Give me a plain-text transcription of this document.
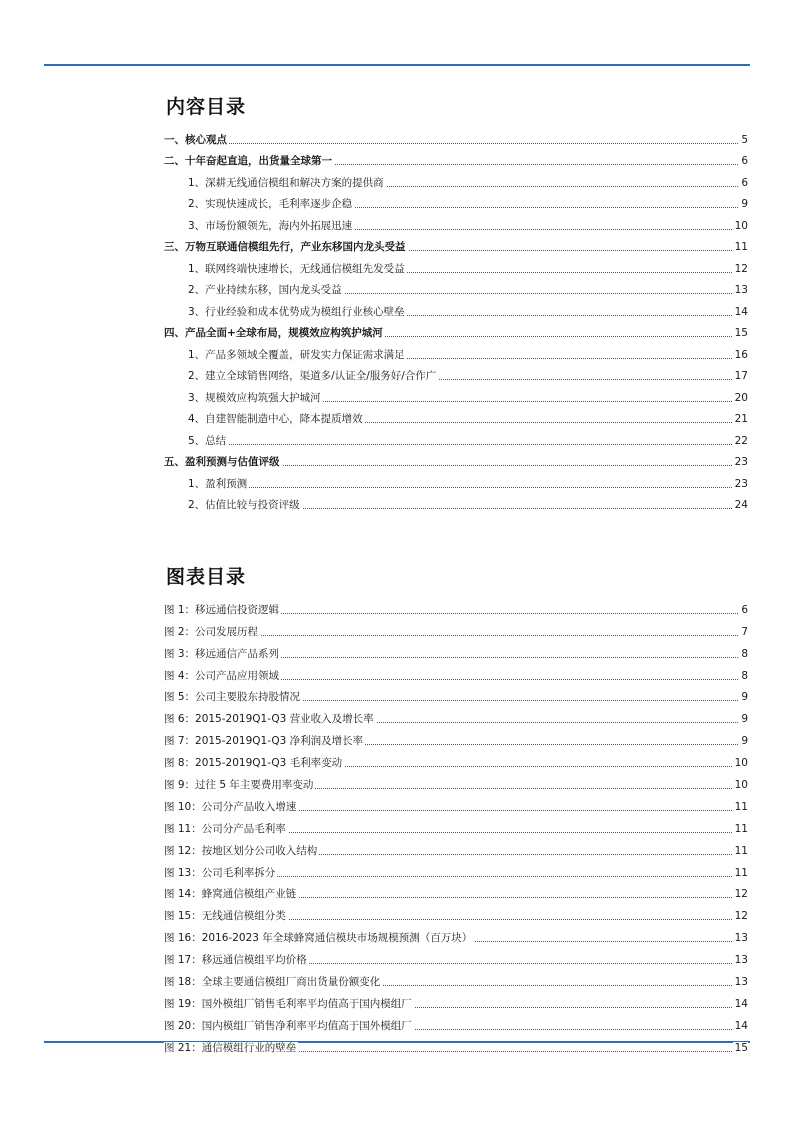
内容目录
一、核心观点	5
二、十年奋起直追，出货量全球第一	6
1、深耕无线通信模组和解决方案的提供商	6
2、实现快速成长，毛利率逐步企稳	9
3、市场份额领先，海内外拓展迅速	10
三、万物互联通信模组先行，产业东移国内龙头受益	11
1、联网终端快速增长，无线通信模组先发受益	12
2、产业持续东移，国内龙头受益	13
3、行业经验和成本优势成为模组行业核心壁垒	14
四、产品全面+全球布局，规模效应构筑护城河	15
1、产品多领域全覆盖，研发实力保证需求满足	16
2、建立全球销售网络，渠道多/认证全/服务好/合作广	17
3、规模效应构筑强大护城河	20
4、自建智能制造中心，降本提质增效	21
5、总结	22
五、盈利预测与估值评级	23
1、盈利预测	23
2、估值比较与投资评级	24
图表目录
图 1：移远通信投资逻辑	6
图 2：公司发展历程	7
图 3：移远通信产品系列	8
图 4：公司产品应用领域	8
图 5：公司主要股东持股情况	9
图 6：2015-2019Q1-Q3 营业收入及增长率	9
图 7：2015-2019Q1-Q3 净利润及增长率	9
图 8：2015-2019Q1-Q3 毛利率变动	10
图 9：过往 5 年主要费用率变动	10
图 10：公司分产品收入增速	11
图 11：公司分产品毛利率	11
图 12：按地区划分公司收入结构	11
图 13：公司毛利率拆分	11
图 14：蜂窝通信模组产业链	12
图 15：无线通信模组分类	12
图 16：2016-2023 年全球蜂窝通信模块市场规模预测（百万块）	13
图 17：移远通信模组平均价格	13
图 18：全球主要通信模组厂商出货量份额变化	13
图 19：国外模组厂销售毛利率平均值高于国内模组厂	14
图 20：国内模组厂销售净利率平均值高于国外模组厂	14
图 21：通信模组行业的壁垒	15
